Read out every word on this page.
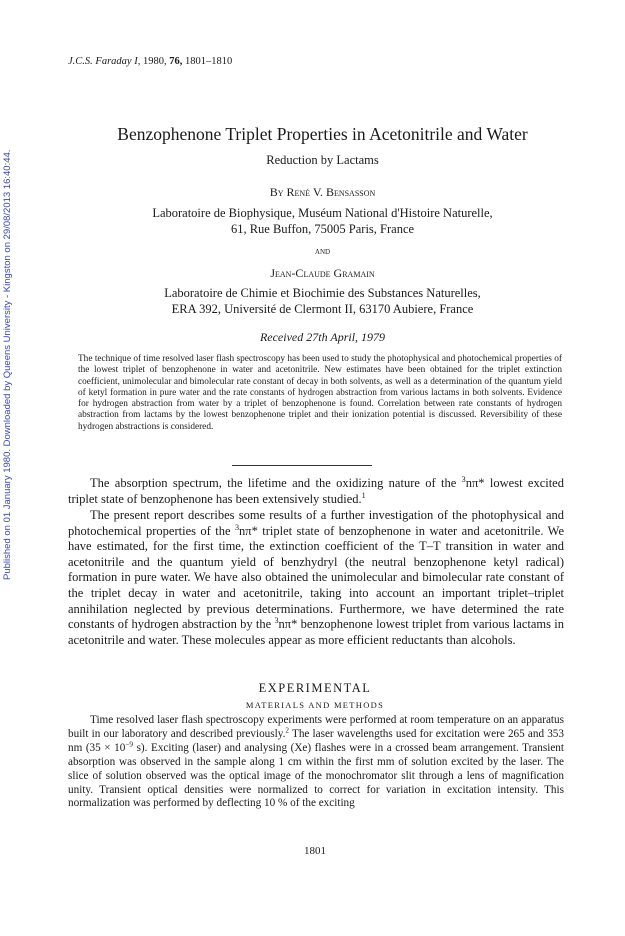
Published on 01 January 1980. Downloaded by Queens University - Kingston on 29/08/2013 16:40:44.
J.C.S. Faraday I, 1980, 76, 1801–1810
Benzophenone Triplet Properties in Acetonitrile and Water
Reduction by Lactams
By René V. Bensasson
Laboratoire de Biophysique, Muséum National d'Histoire Naturelle,
61, Rue Buffon, 75005 Paris, France
and
Jean-Claude Gramain
Laboratoire de Chimie et Biochimie des Substances Naturelles,
ERA 392, Université de Clermont II, 63170 Aubiere, France
Received 27th April, 1979
The technique of time resolved laser flash spectroscopy has been used to study the photophysical and photochemical properties of the lowest triplet of benzophenone in water and acetonitrile. New estimates have been obtained for the triplet extinction coefficient, unimolecular and bimolecular rate constant of decay in both solvents, as well as a determination of the quantum yield of ketyl formation in pure water and the rate constants of hydrogen abstraction from various lactams in both solvents. Evidence for hydrogen abstraction from water by a triplet of benzophenone is found. Correlation between rate constants of hydrogen abstraction from lactams by the lowest benzophenone triplet and their ionization potential is discussed. Reversibility of these hydrogen abstractions is considered.
The absorption spectrum, the lifetime and the oxidizing nature of the $^3$nπ* lowest excited triplet state of benzophenone has been extensively studied.$^1$
The present report describes some results of a further investigation of the photophysical and photochemical properties of the $^3$nπ* triplet state of benzophenone in water and acetonitrile. We have estimated, for the first time, the extinction coefficient of the T–T transition in water and acetonitrile and the quantum yield of benzhydryl (the neutral benzophenone ketyl radical) formation in pure water. We have also obtained the unimolecular and bimolecular rate constant of the triplet decay in water and acetonitrile, taking into account an important triplet–triplet annihilation neglected by previous determinations. Furthermore, we have determined the rate constants of hydrogen abstraction by the $^3$nπ* benzophenone lowest triplet from various lactams in acetonitrile and water. These molecules appear as more efficient reductants than alcohols.
EXPERIMENTAL
MATERIALS AND METHODS
Time resolved laser flash spectroscopy experiments were performed at room temperature on an apparatus built in our laboratory and described previously.$^2$ The laser wavelengths used for excitation were 265 and 353 nm ($35 \times 10^{-9}$ s). Exciting (laser) and analysing (Xe) flashes were in a crossed beam arrangement. Transient absorption was observed in the sample along 1 cm within the first mm of solution excited by the laser. The slice of solution observed was the optical image of the monochromator slit through a lens of magnification unity. Transient optical densities were normalized to correct for variation in excitation intensity. This normalization was performed by deflecting 10 % of the exciting
1801
